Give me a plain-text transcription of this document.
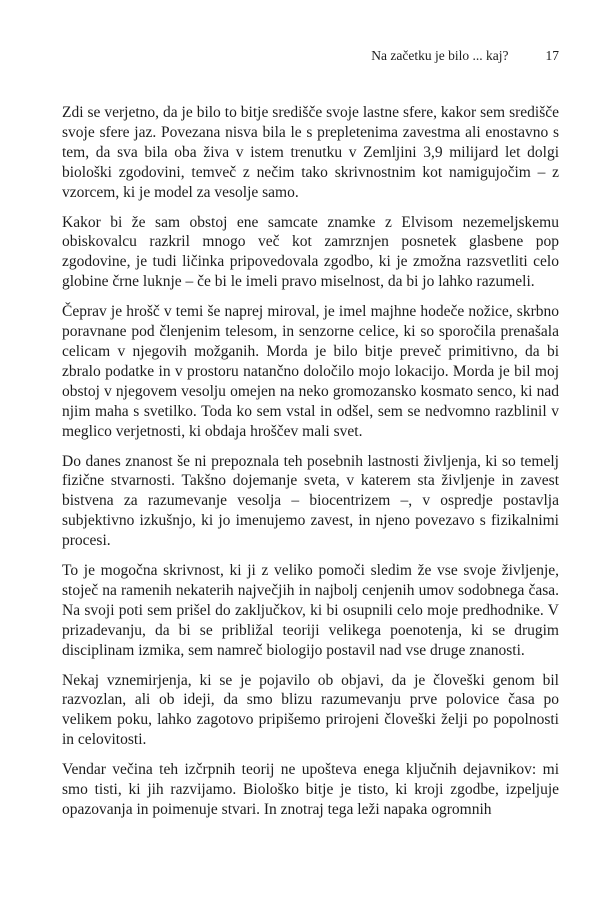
Na začetku je bilo ... kaj?	17

Zdi se verjetno, da je bilo to bitje središče svoje lastne sfere, kakor sem središče svoje sfere jaz. Povezana nisva bila le s prepletenima zavestma ali enostavno s tem, da sva bila oba živa v istem trenutku v Zemljini 3,9 milijard let dolgi biološki zgodovini, temveč z nečim tako skrivnostnim kot namigujočim – z vzorcem, ki je model za vesolje samo.

Kakor bi že sam obstoj ene samcate znamke z Elvisom nezemeljskemu obiskovalcu razkril mnogo več kot zamrznjen posnetek glasbene pop zgodovine, je tudi ličinka pripovedovala zgodbo, ki je zmožna razsvetliti celo globine črne luknje – če bi le imeli pravo miselnost, da bi jo lahko razumeli.

Čeprav je hrošč v temi še naprej miroval, je imel majhne hodeče nožice, skrbno poravnane pod členjenim telesom, in senzorne celice, ki so sporočila prenašala celicam v njegovih možganih. Morda je bilo bitje preveč primitivno, da bi zbralo podatke in v prostoru natančno določilo mojo lokacijo. Morda je bil moj obstoj v njegovem vesolju omejen na neko gromozansko kosmato senco, ki nad njim maha s svetilko. Toda ko sem vstal in odšel, sem se nedvomno razblinil v meglico verjetnosti, ki obdaja hroščev mali svet.

Do danes znanost še ni prepoznala teh posebnih lastnosti življenja, ki so temelj fizične stvarnosti. Takšno dojemanje sveta, v katerem sta življenje in zavest bistvena za razumevanje vesolja – biocentrizem –, v ospredje postavlja subjektivno izkušnjo, ki jo imenujemo zavest, in njeno povezavo s fizikalnimi procesi.

To je mogočna skrivnost, ki ji z veliko pomoči sledim že vse svoje življenje, stoječ na ramenih nekaterih največjih in najbolj cenjenih umov sodobnega časa. Na svoji poti sem prišel do zaključkov, ki bi osupnili celo moje predhodnike. V prizadevanju, da bi se približal teoriji velikega poenotenja, ki se drugim disciplinam izmika, sem namreč biologijo postavil nad vse druge znanosti.

Nekaj vznemirjenja, ki se je pojavilo ob objavi, da je človeški genom bil razvozlan, ali ob ideji, da smo blizu razumevanju prve polovice časa po velikem poku, lahko zagotovo pripišemo prirojeni človeški želji po popolnosti in celovitosti.

Vendar večina teh izčrpnih teorij ne upošteva enega ključnih dejavnikov: mi smo tisti, ki jih razvijamo. Biološko bitje je tisto, ki kroji zgodbe, izpeljuje opazovanja in poimenuje stvari. In znotraj tega leži napaka ogromnih
